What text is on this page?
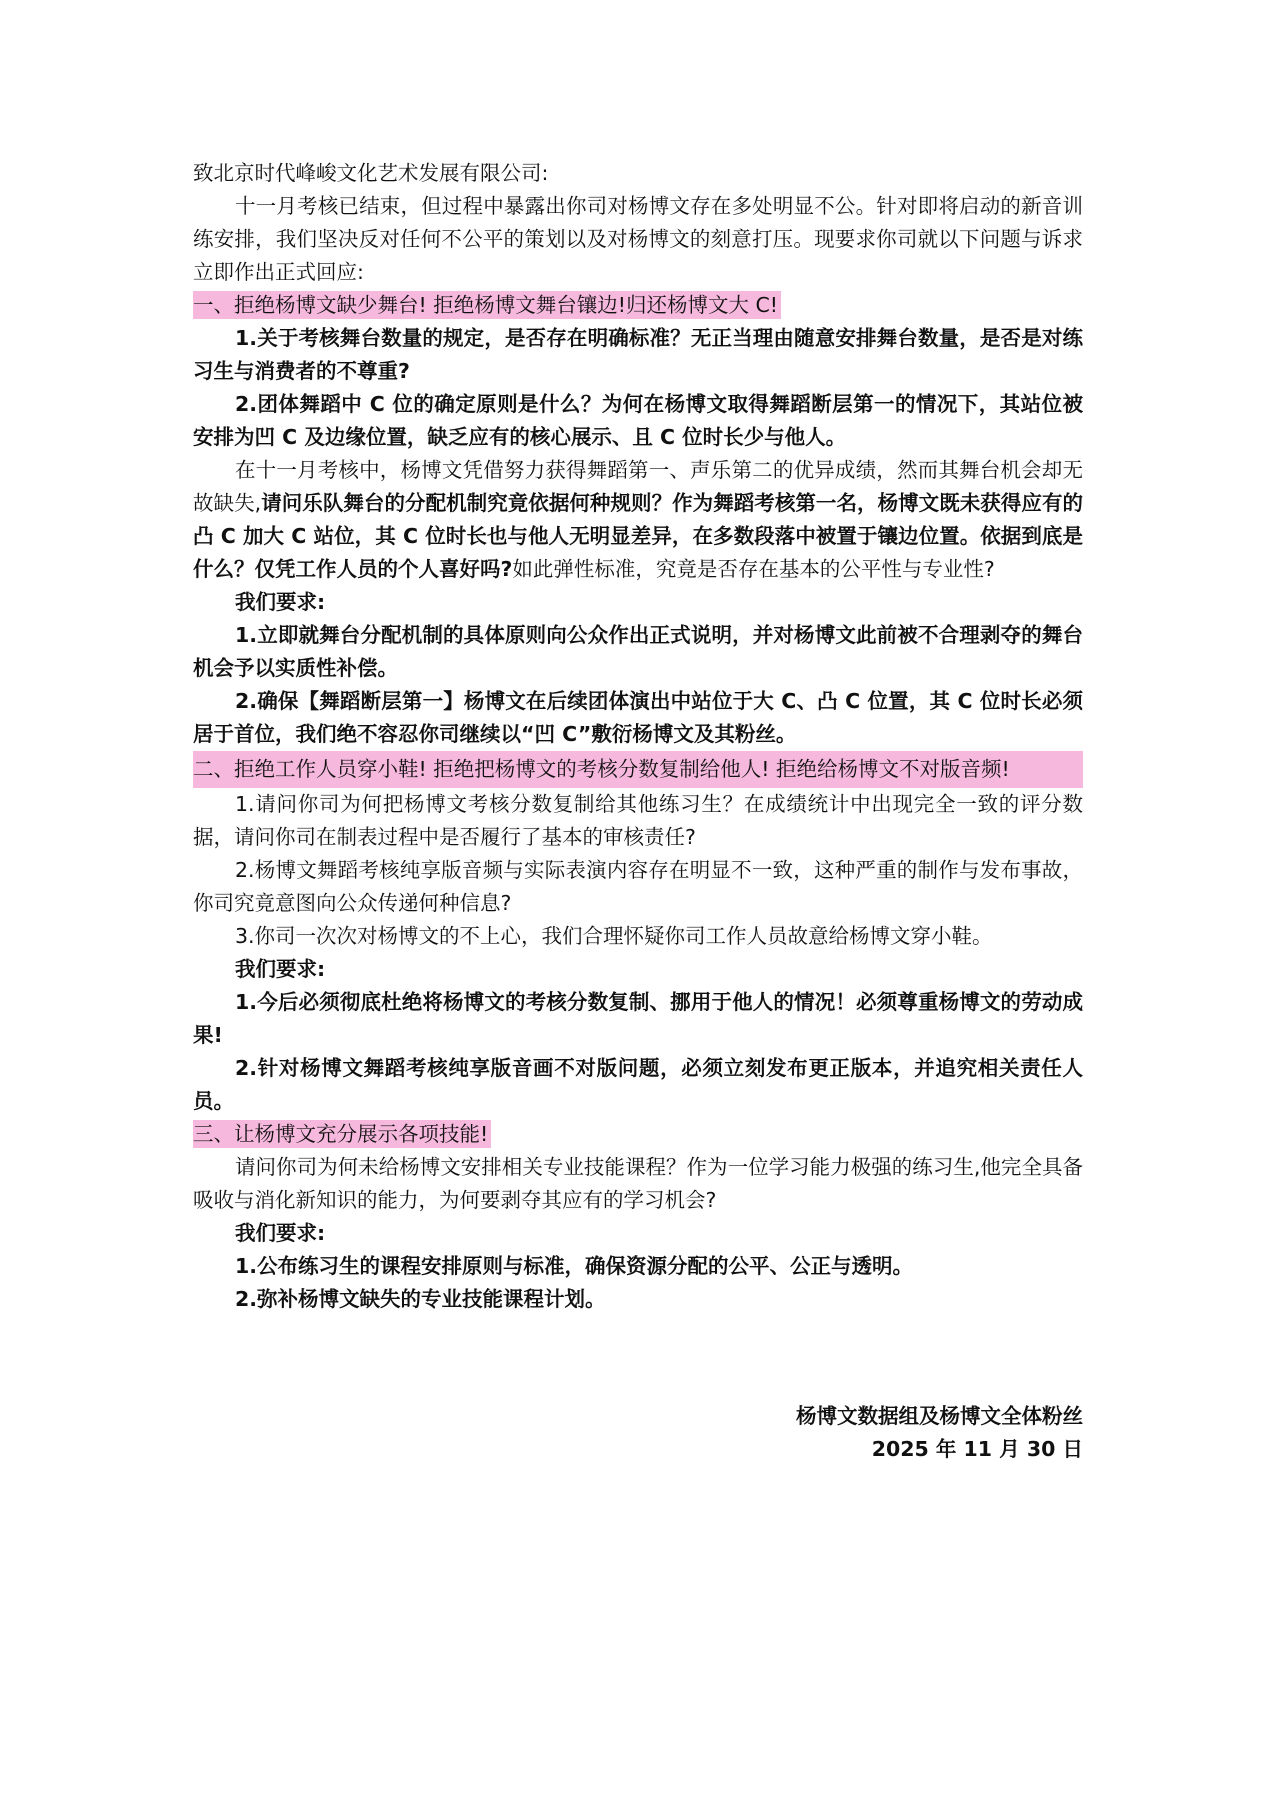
致北京时代峰峻文化艺术发展有限公司:

十一月考核已结束，但过程中暴露出你司对杨博文存在多处明显不公。针对即将启动的新音训练安排，我们坚决反对任何不公平的策划以及对杨博文的刻意打压。现要求你司就以下问题与诉求立即作出正式回应:

一、拒绝杨博文缺少舞台! 拒绝杨博文舞台镶边!归还杨博文大 C!

1.关于考核舞台数量的规定，是否存在明确标准？无正当理由随意安排舞台数量，是否是对练习生与消费者的不尊重?

2.团体舞蹈中 C 位的确定原则是什么？为何在杨博文取得舞蹈断层第一的情况下，其站位被安排为凹 C 及边缘位置，缺乏应有的核心展示、且 C 位时长少与他人。

在十一月考核中，杨博文凭借努力获得舞蹈第一、声乐第二的优异成绩，然而其舞台机会却无故缺失,请问乐队舞台的分配机制究竟依据何种规则？作为舞蹈考核第一名，杨博文既未获得应有的凸 C 加大 C 站位，其 C 位时长也与他人无明显差异，在多数段落中被置于镶边位置。依据到底是什么？仅凭工作人员的个人喜好吗?如此弹性标准，究竟是否存在基本的公平性与专业性?

我们要求:

1.立即就舞台分配机制的具体原则向公众作出正式说明，并对杨博文此前被不合理剥夺的舞台机会予以实质性补偿。

2.确保【舞蹈断层第一】杨博文在后续团体演出中站位于大 C、凸 C 位置，其 C 位时长必须居于首位，我们绝不容忍你司继续以“凹 C”敷衍杨博文及其粉丝。

二、拒绝工作人员穿小鞋! 拒绝把杨博文的考核分数复制给他人! 拒绝给杨博文不对版音频!

1.请问你司为何把杨博文考核分数复制给其他练习生？在成绩统计中出现完全一致的评分数据，请问你司在制表过程中是否履行了基本的审核责任?

2.杨博文舞蹈考核纯享版音频与实际表演内容存在明显不一致，这种严重的制作与发布事故，你司究竟意图向公众传递何种信息?

3.你司一次次对杨博文的不上心，我们合理怀疑你司工作人员故意给杨博文穿小鞋。

我们要求:

1.今后必须彻底杜绝将杨博文的考核分数复制、挪用于他人的情况！必须尊重杨博文的劳动成果!

2.针对杨博文舞蹈考核纯享版音画不对版问题，必须立刻发布更正版本，并追究相关责任人员。

三、让杨博文充分展示各项技能!

请问你司为何未给杨博文安排相关专业技能课程？作为一位学习能力极强的练习生,他完全具备吸收与消化新知识的能力，为何要剥夺其应有的学习机会?

我们要求:

1.公布练习生的课程安排原则与标准，确保资源分配的公平、公正与透明。

2.弥补杨博文缺失的专业技能课程计划。

杨博文数据组及杨博文全体粉丝
2025 年 11 月 30 日
